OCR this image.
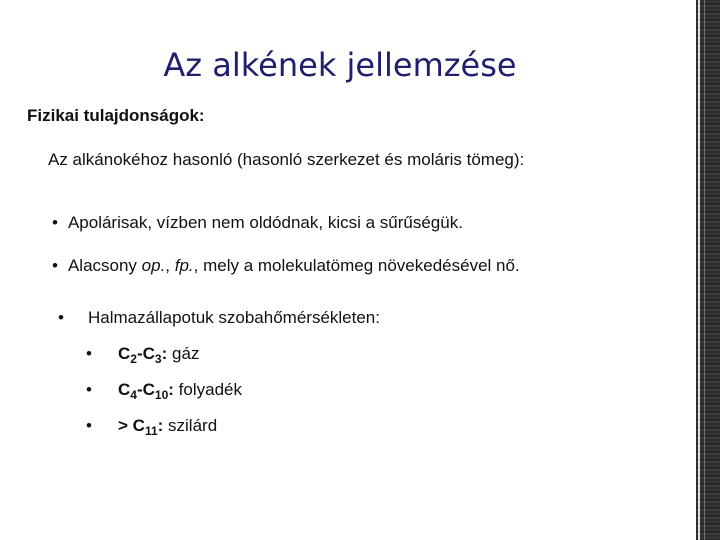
Az alkének jellemzése
Fizikai tulajdonságok:
Az alkánokéhoz hasonló (hasonló szerkezet és moláris tömeg):
• Apolárisak, vízben nem oldódnak, kicsi a sűrűségük.
• Alacsony op., fp., mely a molekulatömeg növekedésével nő.
• Halmazállapotuk szobahőmérsékleten:
• $C_2-C_3$: gáz
• $C_4-C_{10}$: folyadék
• > $C_{11}$: szilárd
